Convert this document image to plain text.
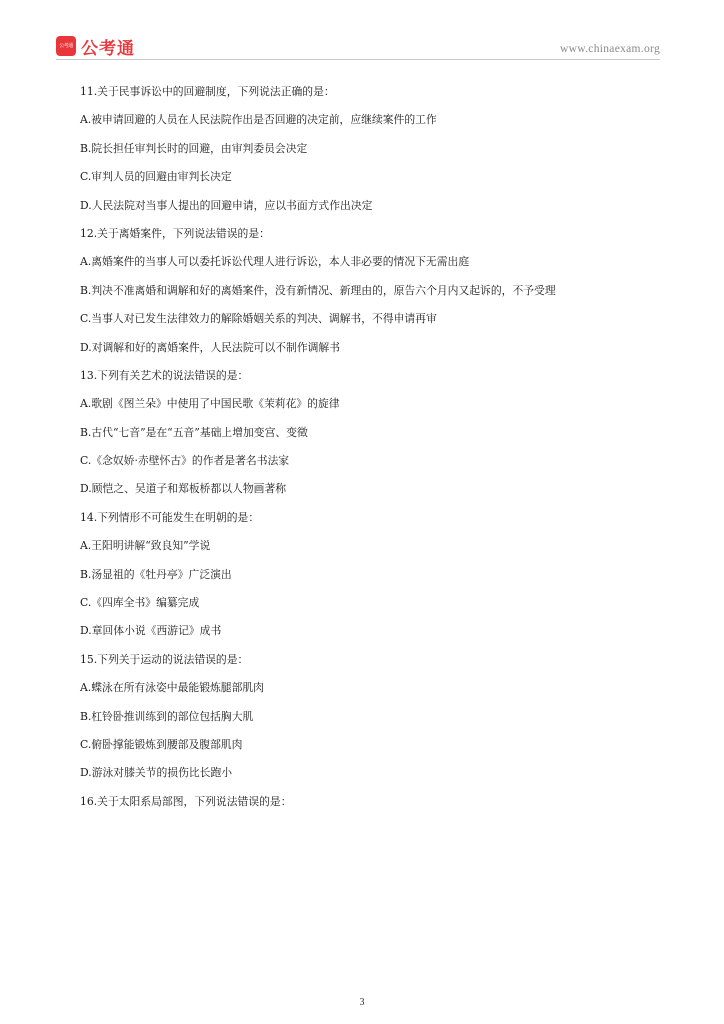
公考通 公考通	www.chinaexam.org
11.关于民事诉讼中的回避制度，下列说法正确的是：
A.被申请回避的人员在人民法院作出是否回避的决定前，应继续案件的工作
B.院长担任审判长时的回避，由审判委员会决定
C.审判人员的回避由审判长决定
D.人民法院对当事人提出的回避申请，应以书面方式作出决定
12.关于离婚案件，下列说法错误的是：
A.离婚案件的当事人可以委托诉讼代理人进行诉讼，本人非必要的情况下无需出庭
B.判决不准离婚和调解和好的离婚案件，没有新情况、新理由的，原告六个月内又起诉的，不予受理
C.当事人对已发生法律效力的解除婚姻关系的判决、调解书，不得申请再审
D.对调解和好的离婚案件，人民法院可以不制作调解书
13.下列有关艺术的说法错误的是：
A.歌剧《图兰朵》中使用了中国民歌《茉莉花》的旋律
B.古代“七音”是在“五音”基础上增加变宫、变徵
C.《念奴娇·赤壁怀古》的作者是著名书法家
D.顾恺之、吴道子和郑板桥都以人物画著称
14.下列情形不可能发生在明朝的是：
A.王阳明讲解“致良知”学说
B.汤显祖的《牡丹亭》广泛演出
C.《四库全书》编纂完成
D.章回体小说《西游记》成书
15.下列关于运动的说法错误的是：
A.蝶泳在所有泳姿中最能锻炼腿部肌肉
B.杠铃卧推训练到的部位包括胸大肌
C.俯卧撑能锻炼到腰部及腹部肌肉
D.游泳对膝关节的损伤比长跑小
16.关于太阳系局部图，下列说法错误的是：
3
